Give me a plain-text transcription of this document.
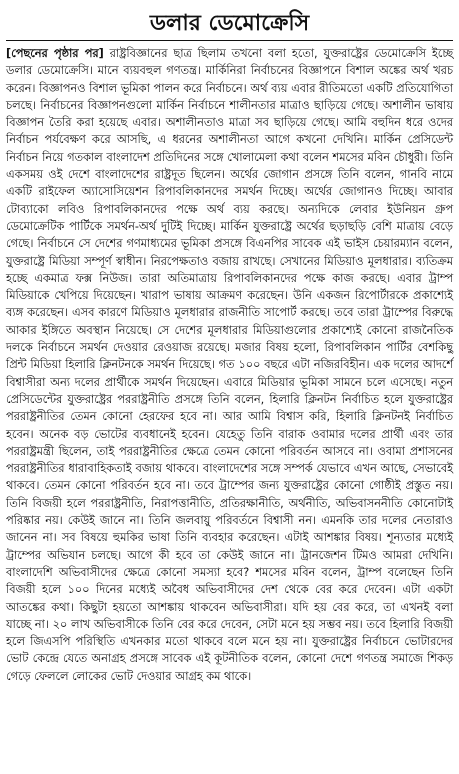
ডলার ডেমোক্রেসি

[পেছনের পৃষ্ঠার পর] রাষ্ট্রবিজ্ঞানের ছাত্র ছিলাম তখনো বলা হতো, যুক্তরাষ্ট্রের ডেমোক্রেসি ইচ্ছে ডলার ডেমোক্রেসি। মানে ব্যয়বহুল গণতন্ত্র। মার্কিনিরা নির্বাচনের বিজ্ঞাপনে বিশাল অঙ্কের অর্থ খরচ করেন। বিজ্ঞাপনও বিশাল ভূমিকা পালন করে নির্বাচনে। অর্থ ব্যয় এবার রীতিমতো একটি প্রতিযোগিতা চলছে। নির্বাচনের বিজ্ঞাপনগুলো মার্কিন নির্বাচনে শালীনতার মাত্রাও ছাড়িয়ে গেছে। অশালীন ভাষায় বিজ্ঞাপন তৈরি করা হয়েছে এবার। অশালীনতাও মাত্রা সব ছাড়িয়ে গেছে। আমি বহুদিন ধরে ওদের নির্বাচন পর্যবেক্ষণ করে আসছি, এ ধরনের অশালীনতা আগে কখনো দেখিনি। মার্কিন প্রেসিডেন্ট নির্বাচন নিয়ে গতকাল বাংলাদেশ প্রতিদিনের সঙ্গে খোলামেলা কথা বলেন শমসের মবিন চৌধুরী। তিনি একসময় ওই দেশে বাংলাদেশের রাষ্ট্রদূত ছিলেন। অর্থের জোগান প্রসঙ্গে তিনি বলেন, গানবি নামে একটি রাইফেল অ্যাসোসিয়েশন রিপাবলিকানদের সমর্থন দিচ্ছে। অর্থের জোগানও দিচ্ছে। আবার টোব্যাকো লবিও রিপাবলিকানদের পক্ষে অর্থ ব্যয় করছে। অন্যদিকে লেবার ইউনিয়ন গ্রুপ ডেমোক্রেটিক পার্টিকে সমর্থন-অর্থ দুটিই দিচ্ছে। মার্কিন যুক্তরাষ্ট্রে অর্থের ছড়াছড়ি বেশি মাত্রায় বেড়ে গেছে। নির্বাচনে সে দেশের গণমাধ্যমের ভূমিকা প্রসঙ্গে বিএনপির সাবেক এই ভাইস চেয়ারম্যান বলেন, যুক্তরাষ্ট্রে মিডিয়া সম্পূর্ণ স্বাধীন। নিরপেক্ষতাও বজায় রাখছে। সেখানের মিডিয়াও মূলধারার। ব্যতিক্রম হচ্ছে একমাত্র ফক্স নিউজ। তারা অতিমাত্রায় রিপাবলিকানদের পক্ষে কাজ করছে। এবার ট্রাম্প মিডিয়াকে খেপিয়ে দিয়েছেন। খারাপ ভাষায় আক্রমণ করেছেন। উনি একজন রিপোর্টারকে প্রকাশ্যেই ব্যঙ্গ করেছেন। এসব কারণে মিডিয়াও মূলধারার রাজনীতি সাপোর্ট করছে। তবে তারা ট্রাম্পের বিরুদ্ধে আকার ইঙ্গিতে অবস্থান নিয়েছে। সে দেশের মূলধারার মিডিয়াগুলোর প্রকাশ্যেই কোনো রাজনৈতিক দলকে নির্বাচনে সমর্থন দেওয়ার রেওয়াজ রয়েছে। মজার বিষয় হলো, রিপাবলিকান পার্টির বেশকিছু প্রিন্ট মিডিয়া হিলারি ক্লিনটনকে সমর্থন দিয়েছে। গত ১০০ বছরে এটা নজিরবিহীন। এক দলের আদর্শে বিশ্বাসীরা অন্য দলের প্রার্থীকে সমর্থন দিয়েছেন। এবারে মিডিয়ার ভূমিকা সামনে চলে এসেছে। নতুন প্রেসিডেন্টের যুক্তরাষ্ট্রের পররাষ্ট্রনীতি প্রসঙ্গে তিনি বলেন, হিলারি ক্লিনটন নির্বাচিত হলে যুক্তরাষ্ট্রের পররাষ্ট্রনীতির তেমন কোনো হেরফের হবে না। আর আমি বিশ্বাস করি, হিলারি ক্লিনটনই নির্বাচিত হবেন। অনেক বড় ভোটের ব্যবধানেই হবেন। যেহেতু তিনি বারাক ওবামার দলের প্রার্থী এবং তার পররাষ্ট্রমন্ত্রী ছিলেন, তাই পররাষ্ট্রনীতির ক্ষেত্রে তেমন কোনো পরিবর্তন আসবে না। ওবামা প্রশাসনের পররাষ্ট্রনীতির ধারাবাহিকতাই বজায় থাকবে। বাংলাদেশের সঙ্গে সম্পর্ক যেভাবে এখন আছে, সেভাবেই থাকবে। তেমন কোনো পরিবর্তন হবে না। তবে ট্রাম্পের জন্য যুক্তরাষ্ট্রের কোনো গোষ্ঠীই প্রস্তুত নয়। তিনি বিজয়ী হলে পররাষ্ট্রনীতি, নিরাপত্তানীতি, প্রতিরক্ষানীতি, অর্থনীতি, অভিবাসননীতি কোনোটাই পরিষ্কার নয়। কেউই জানে না। তিনি জলবায়ু পরিবর্তনে বিশ্বাসী নন। এমনকি তার দলের নেতারাও জানেন না। সব বিষয়ে হুমকির ভাষা তিনি ব্যবহার করেছেন। এটাই আশঙ্কার বিষয়। শূন্যতার মধ্যেই ট্রাম্পের অভিযান চলছে। আগে কী হবে তা কেউই জানে না। ট্রানজেশন টিমও আমরা দেখিনি। বাংলাদেশি অভিবাসীদের ক্ষেত্রে কোনো সমস্যা হবে? শমসের মবিন বলেন, ট্রাম্প বলেছেন তিনি বিজয়ী হলে ১০০ দিনের মধ্যেই অবৈধ অভিবাসীদের দেশ থেকে বের করে দেবেন। এটা একটা আতঙ্কের কথা। কিছুটা হয়তো আশঙ্কায় থাকবেন অভিবাসীরা। যদি হয় বের করে, তা এখনই বলা যাচ্ছে না। ২০ লাখ অভিবাসীকে তিনি বের করে দেবেন, সেটা মনে হয় সম্ভব নয়। তবে হিলারি বিজয়ী হলে জিএসপি পরিস্থিতি এখনকার মতো থাকবে বলে মনে হয় না। যুক্তরাষ্ট্রের নির্বাচনে ভোটারদের ভোট কেন্দ্রে যেতে অনাগ্রহ প্রসঙ্গে সাবেক এই কূটনীতিক বলেন, কোনো দেশে গণতন্ত্র সমাজে শিকড় গেড়ে ফেললে লোকের ভোট দেওয়ার আগ্রহ কম থাকে।
